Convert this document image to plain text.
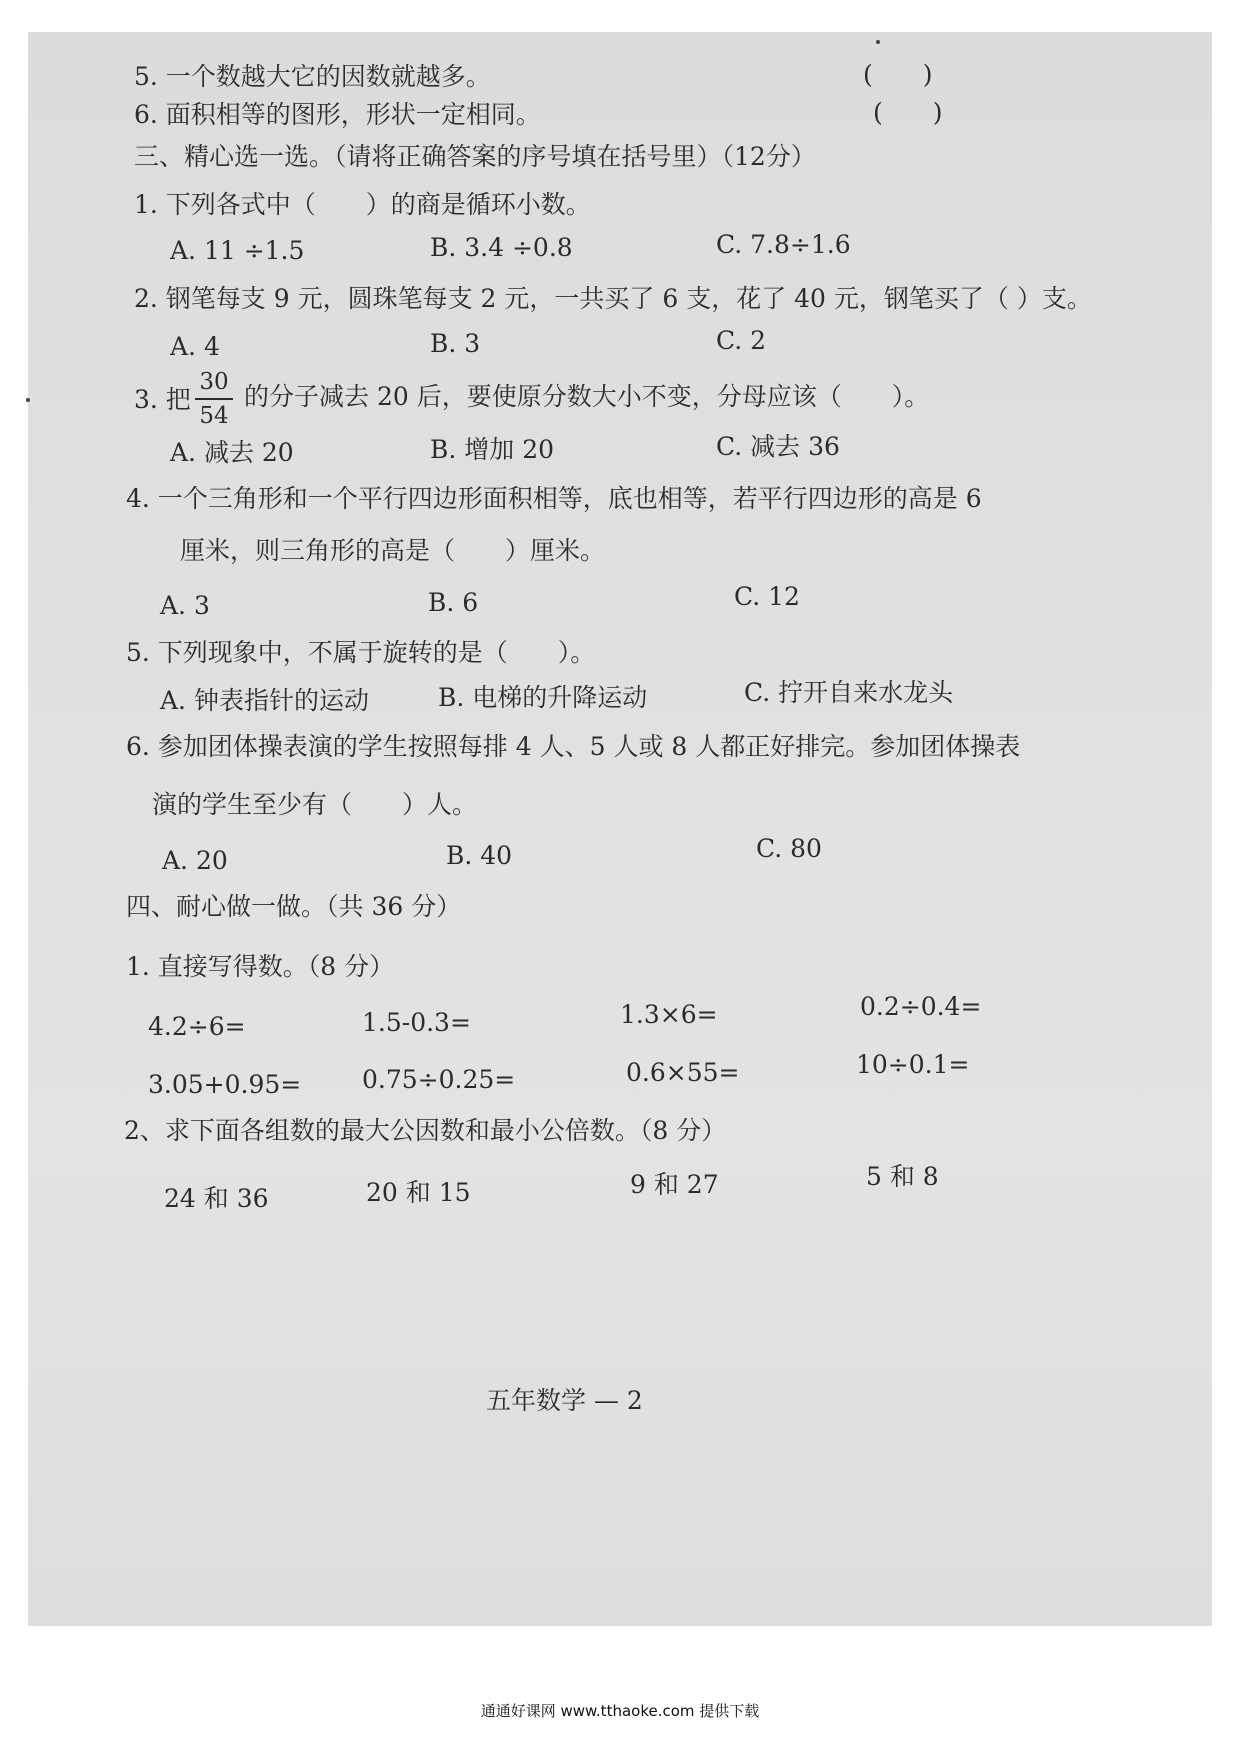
5. 一个数越大它的因数就越多。	(　　)
6. 面积相等的图形，形状一定相同。	(　　)
三、精心选一选。（请将正确答案的序号填在括号里）（12分）
1. 下列各式中（　　）的商是循环小数。
A. 11 ÷1.5	B. 3.4 ÷0.8	C. 7.8÷1.6
2. 钢笔每支 9 元，圆珠笔每支 2 元，一共买了 6 支，花了 40 元，钢笔买了（ ）支。
A. 4	B. 3	C. 2
3. 把
30
54
的分子减去 20 后，要使原分数大小不变，分母应该（　　）。
A. 减去 20	B. 增加 20	C. 减去 36
4. 一个三角形和一个平行四边形面积相等，底也相等，若平行四边形的高是 6
厘米，则三角形的高是（　　）厘米。
A. 3	B. 6	C. 12
5. 下列现象中，不属于旋转的是（　　）。
A. 钟表指针的运动	B. 电梯的升降运动	C. 拧开自来水龙头
6. 参加团体操表演的学生按照每排 4 人、5 人或 8 人都正好排完。参加团体操表
演的学生至少有（　　）人。
A. 20	B. 40	C. 80
四、耐心做一做。（共 36 分）
1. 直接写得数。（8 分）
4.2÷6=	1.5-0.3=	1.3×6=	0.2÷0.4=
3.05+0.95= 0.75÷0.25=	0.6×55=	10÷0.1=
2、求下面各组数的最大公因数和最小公倍数。（8 分）
24 和 36	20 和 15	9 和 27	5 和 8
五年数学 — 2
通通好课网 www.tthaoke.com 提供下载
